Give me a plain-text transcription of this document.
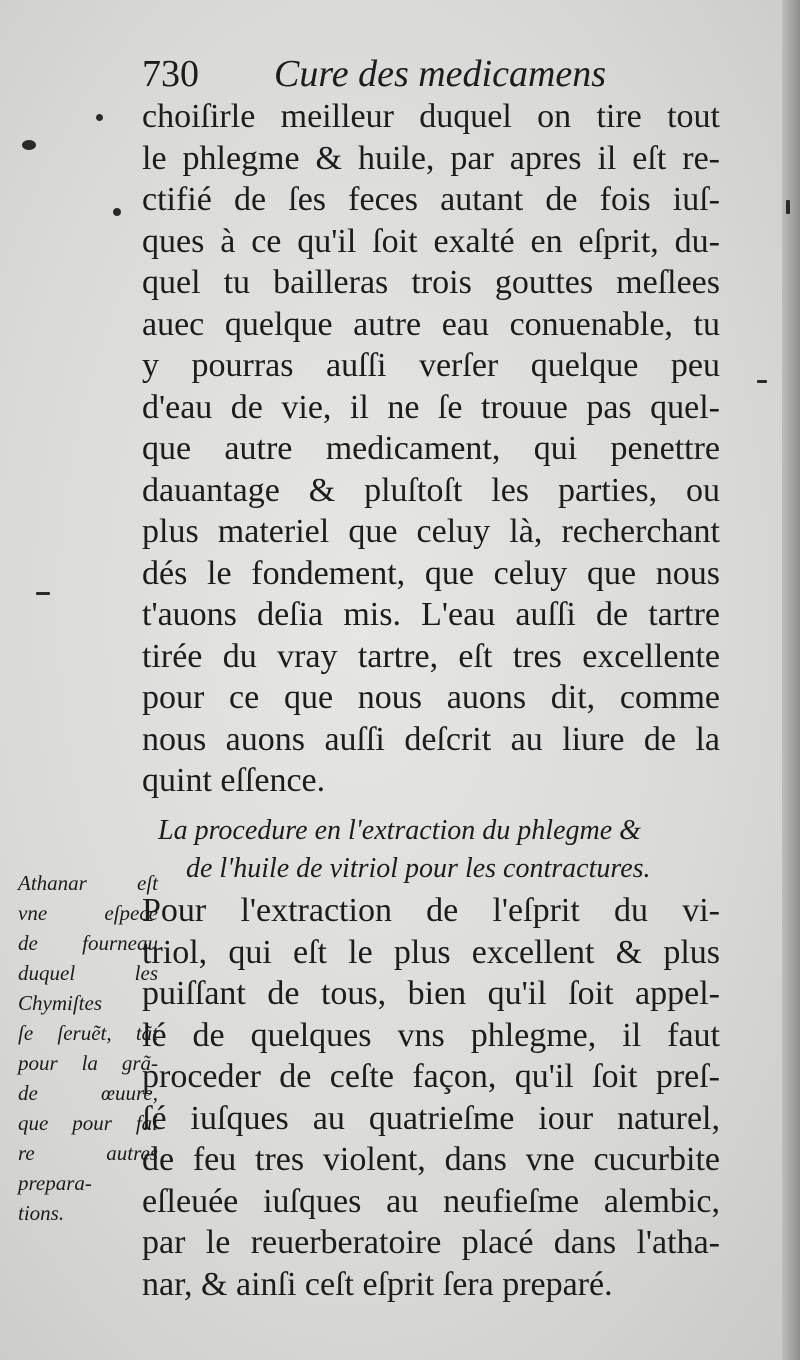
730 Cure des medicamens
choiſirle meilleur duquel on tire tout
le phlegme & huile, par apres il eſt re-
ctifié de ſes feces autant de fois iuſ-
ques à ce qu'il ſoit exalté en eſprit, du-
quel tu bailleras trois gouttes meſlees
auec quelque autre eau conuenable, tu
y pourras auſſi verſer quelque peu
d'eau de vie, il ne ſe trouue pas quel-
que autre medicament, qui penettre
dauantage & pluſtoſt les parties, ou
plus materiel que celuy là, recherchant
dés le fondement, que celuy que nous
t'auons deſia mis. L'eau auſſi de tartre
tirée du vray tartre, eſt tres excellente
pour ce que nous auons dit, comme
nous auons auſſi deſcrit au liure de la
quint eſſence.
La procedure en l'extraction du phlegme &
de l'huile de vitriol pour les contractures.
Pour l'extraction de l'eſprit du vi-
triol, qui eſt le plus excellent & plus
puiſſant de tous, bien qu'il ſoit appel-
lé de quelques vns phlegme, il faut
proceder de ceſte façon, qu'il ſoit preſ-
ſé iuſques au quatrieſme iour naturel,
de feu tres violent, dans vne cucurbite
eſleuée iuſques au neufieſme alembic,
par le reuerberatoire placé dans l'atha-
nar, & ainſi ceſt eſprit ſera preparé.
Athanar eſt
vne eſpece
de fourneau
duquel les
Chymiſtes
ſe ſeruẽt, tãt
pour la grã-
de œuure,
que pour fai
re autres
prepara-
tions.
